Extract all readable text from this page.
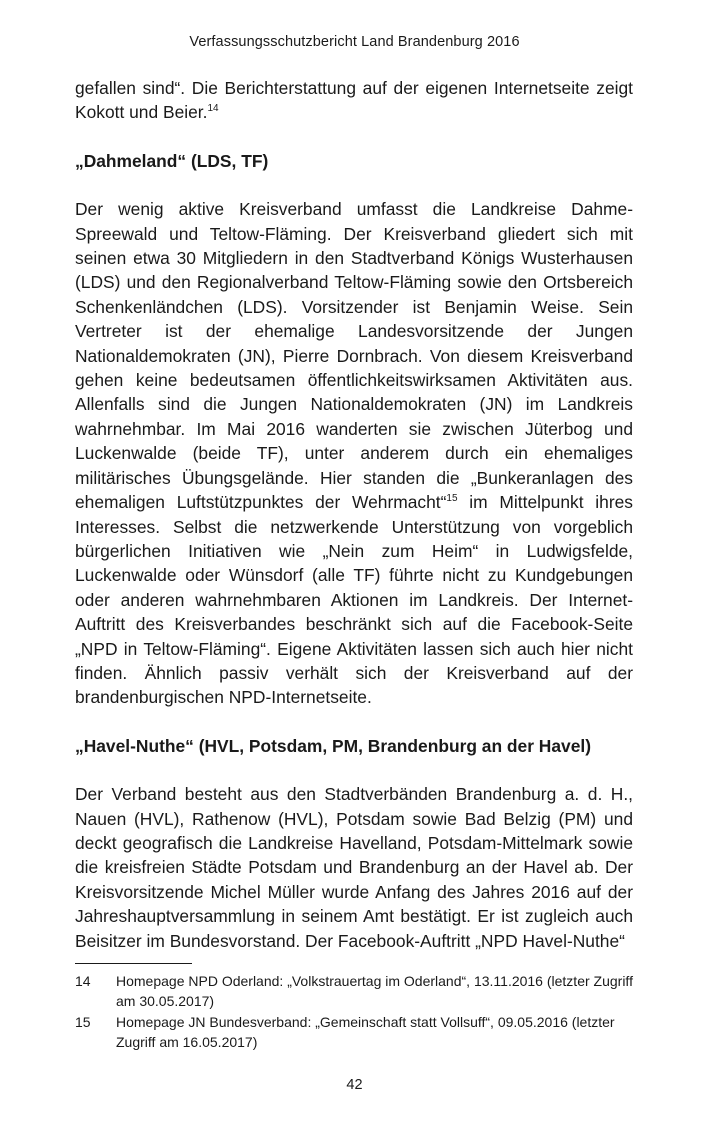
Verfassungsschutzbericht Land Brandenburg 2016

gefallen sind“. Die Berichterstattung auf der eigenen Internetseite zeigt Kokott und Beier.$^{14}$

„Dahmeland“ (LDS, TF)

Der wenig aktive Kreisverband umfasst die Landkreise Dahme-Spreewald und Teltow-Fläming. Der Kreisverband gliedert sich mit seinen etwa 30 Mitgliedern in den Stadtverband Königs Wusterhausen (LDS) und den Regionalverband Teltow-Fläming sowie den Ortsbereich Schenkenländchen (LDS). Vorsitzender ist Benjamin Weise. Sein Vertreter ist der ehemalige Landesvorsitzende der Jungen Nationaldemokraten (JN), Pierre Dornbrach. Von diesem Kreisverband gehen keine bedeutsamen öffentlichkeitswirksamen Aktivitäten aus. Allenfalls sind die Jungen Nationaldemokraten (JN) im Landkreis wahrnehmbar. Im Mai 2016 wanderten sie zwischen Jüterbog und Luckenwalde (beide TF), unter anderem durch ein ehemaliges militärisches Übungsgelände. Hier standen die „Bunkeranlagen des ehemaligen Luftstützpunktes der Wehrmacht“$^{15}$ im Mittelpunkt ihres Interesses. Selbst die netzwerkende Unterstützung von vorgeblich bürgerlichen Initiativen wie „Nein zum Heim“ in Ludwigsfelde, Luckenwalde oder Wünsdorf (alle TF) führte nicht zu Kundgebungen oder anderen wahrnehmbaren Aktionen im Landkreis. Der Internet-Auftritt des Kreisverbandes beschränkt sich auf die Facebook-Seite „NPD in Teltow-Fläming“. Eigene Aktivitäten lassen sich auch hier nicht finden. Ähnlich passiv verhält sich der Kreisverband auf der brandenburgischen NPD-Internetseite.

„Havel-Nuthe“ (HVL, Potsdam, PM, Brandenburg an der Havel)

Der Verband besteht aus den Stadtverbänden Brandenburg a. d. H., Nauen (HVL), Rathenow (HVL), Potsdam sowie Bad Belzig (PM) und deckt geografisch die Landkreise Havelland, Potsdam-Mittelmark sowie die kreisfreien Städte Potsdam und Brandenburg an der Havel ab. Der Kreisvorsitzende Michel Müller wurde Anfang des Jahres 2016 auf der Jahreshauptversammlung in seinem Amt bestätigt. Er ist zugleich auch Beisitzer im Bundesvorstand. Der Facebook-Auftritt „NPD Havel-Nuthe“

14	Homepage NPD Oderland: „Volkstrauertag im Oderland“, 13.11.2016 (letzter Zugriff am 30.05.2017)
15	Homepage JN Bundesverband: „Gemeinschaft statt Vollsuff“, 09.05.2016 (letzter Zugriff am 16.05.2017)
42
